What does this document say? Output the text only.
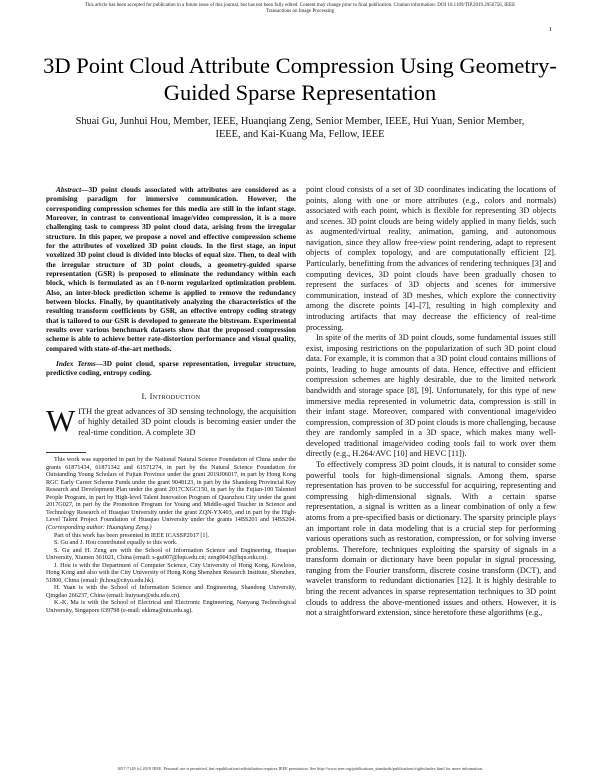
This article has been accepted for publication in a future issue of this journal, but has not been fully edited. Content may change prior to final publication. Citation information: DOI 10.1109/TIP.2019.2956756, IEEE
Transactions on Image Processing
1
3D Point Cloud Attribute Compression Using Geometry-Guided Sparse Representation
Shuai Gu, Junhui Hou, Member, IEEE, Huanqiang Zeng, Senior Member, IEEE, Hui Yuan, Senior Member, IEEE, and Kai-Kuang Ma, Fellow, IEEE

Abstract—3D point clouds associated with attributes are considered as a promising paradigm for immersive communication. However, the corresponding compression schemes for this media are still in the infant stage. Moreover, in contrast to conventional image/video compression, it is a more challenging task to compress 3D point cloud data, arising from the irregular structure. In this paper, we propose a novel and effective compression scheme for the attributes of voxelized 3D point clouds. In the first stage, an input voxelized 3D point cloud is divided into blocks of equal size. Then, to deal with the irregular structure of 3D point clouds, a geometry-guided sparse representation (GSR) is proposed to eliminate the redundancy within each block, which is formulated as an ℓ0-norm regularized optimization problem. Also, an inter-block prediction scheme is applied to remove the redundancy between blocks. Finally, by quantitatively analyzing the characteristics of the resulting transform coefficients by GSR, an effective entropy coding strategy that is tailored to our GSR is developed to generate the bitstream. Experimental results over various benchmark datasets show that the proposed compression scheme is able to achieve better rate-distortion performance and visual quality, compared with state-of-the-art methods.

Index Terms—3D point cloud, sparse representation, irregular structure, predictive coding, entropy coding.

I. Introduction

WITH the great advances of 3D sensing technology, the acquisition of highly detailed 3D point clouds is becoming easier under the real-time condition. A complete 3D

This work was supported in part by the National Natural Science Foundation of China under the grants 61871434, 61871342 and 61571274, in part by the Natural Science Foundation for Outstanding Young Scholars of Fujian Province under the grant 2019J06017, in part by Hong Kong RGC Early Career Scheme Funds under the grant 9048123, in part by the Shandong Provincial Key Research and Development Plan under the grant 2017CXGC150, in part by the Fujian-100 Talented People Program, in part by High-level Talent Innovation Program of Quanzhou City under the grant 2017G027, in part by the Promotion Program for Young and Middle-aged Teacher in Science and Technology Research of Huaqiao University under the grant ZQN-YX403, and in part by the High-Level Talent Project Foundation of Huaqiao University under the grants 14BS201 and 14BS204. (Corresponding author: Huanqiang Zeng.)

Part of this work has been presented in IEEE ICASSP2017 [1].

S. Gu and J. Hou contributed equally to this work.

S. Gu and H. Zeng are with the School of Information Science and Engineering, Huaqiao University, Xiamen 361021, China (email: s-gu007@hqu.edu.cn; zeng0043@hqu.edu.cn).

J. Hou is with the Department of Computer Science, City University of Hong Kong, Kowloon, Hong Kong and also with the City University of Hong Kong Shenzhen Research Institute, Shenzhen, 51800, China (email: jh.hou@cityu.edu.hk).

H. Yuan is with the School of Information Science and Engineering, Shandong University, Qingdao 266237, China (email: huiyuan@sdu.edu.cn).

K.-K. Ma is with the School of Electrical and Electronic Engineering, Nanyang Technological University, Singapore 639798 (e-mail: ekkma@ntu.edu.sg).

point cloud consists of a set of 3D coordinates indicating the locations of points, along with one or more attributes (e.g., colors and normals) associated with each point, which is flexible for representing 3D objects and scenes. 3D point clouds are being widely applied in many fields, such as augmented/virtual reality, animation, gaming, and autonomous navigation, since they allow free-view point rendering, adapt to represent objects of complex topology, and are computationally efficient [2]. Particularly, benefitting from the advances of rendering techniques [3] and computing devices, 3D point clouds have been gradually chosen to represent the surfaces of 3D objects and scenes for immersive communication, instead of 3D meshes, which explore the connectivity among the discrete points [4]–[7], resulting in high complexity and introducing artifacts that may decrease the efficiency of real-time processing.

In spite of the merits of 3D point clouds, some fundamental issues still exist, imposing restrictions on the popularization of such 3D point cloud data. For example, it is common that a 3D point cloud contains millions of points, leading to huge amounts of data. Hence, effective and efficient compression schemes are highly desirable, due to the limited network bandwidth and storage space [8], [9]. Unfortunately, for this type of new immersive media represented in volumetric data, compression is still in their infant stage. Moreover, compared with conventional image/video compression, compression of 3D point clouds is more challenging, because they are randomly sampled in a 3D space, which makes many well-developed traditional image/video coding tools fail to work over them directly (e.g., H.264/AVC [10] and HEVC [11]).

To effectively compress 3D point clouds, it is natural to consider some powerful tools for high-dimensional signals. Among them, sparse representation has proven to be successful for acquiring, representing and compressing high-dimensional signals. With a certain sparse representation, a signal is written as a linear combination of only a few atoms from a pre-specified basis or dictionary. The sparsity principle plays an important role in data modeling that is a crucial step for performing various operations such as restoration, compression, or for solving inverse problems. Therefore, techniques exploiting the sparsity of signals in a transform domain or dictionary have been popular in signal processing, ranging from the Fourier transform, discrete cosine transform (DCT), and wavelet transform to redundant dictionaries [12]. It is highly desirable to bring the recent advances in sparse representation techniques to 3D point clouds to address the above-mentioned issues and others. However, it is not a straightforward extension, since heretofore these algorithms (e.g.,

1057-7149 (c) 2019 IEEE. Personal use is permitted, but republication/redistribution requires IEEE permission. See http://www.ieee.org/publications_standards/publications/rights/index.html for more information.
